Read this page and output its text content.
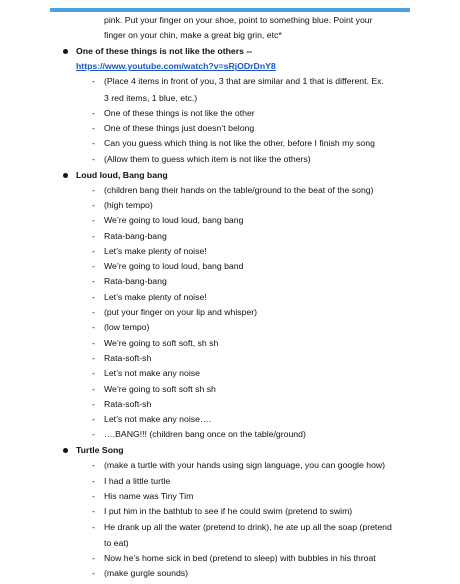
pink. Put your finger on your shoe, point to something blue. Point your
finger on your chin, make a great big grin, etc*
One of these things is not like the others --
https://www.youtube.com/watch?v=sRjODrDnY8
- (Place 4 items in front of you, 3 that are similar and 1 that is different. Ex.
3 red items, 1 blue, etc.)
- One of these things is not like the other
- One of these things just doesn’t belong
- Can you guess which thing is not like the other, before I finish my song
- (Allow them to guess which item is not like the others)
Loud loud, Bang bang
- (children bang their hands on the table/ground to the beat of the song)
- (high tempo)
- We’re going to loud loud, bang bang
- Rata-bang-bang
- Let’s make plenty of noise!
- We’re going to loud loud, bang band
- Rata-bang-bang
- Let’s make plenty of noise!
- (put your finger on your lip and whisper)
- (low tempo)
- We’re going to soft soft, sh sh
- Rata-soft-sh
- Let’s not make any noise
- We’re going to soft soft sh sh
- Rata-soft-sh
- Let’s not make any noise….
- ….BANG!!! (children bang once on the table/ground)
Turtle Song
- (make a turtle with your hands using sign language, you can google how)
- I had a little turtle
- His name was Tiny Tim
- I put him in the bathtub to see if he could swim (pretend to swim)
- He drank up all the water (pretend to drink), he ate up all the soap (pretend
to eat)
- Now he’s home sick in bed (pretend to sleep) with bubbles in his throat
- (make gurgle sounds)
